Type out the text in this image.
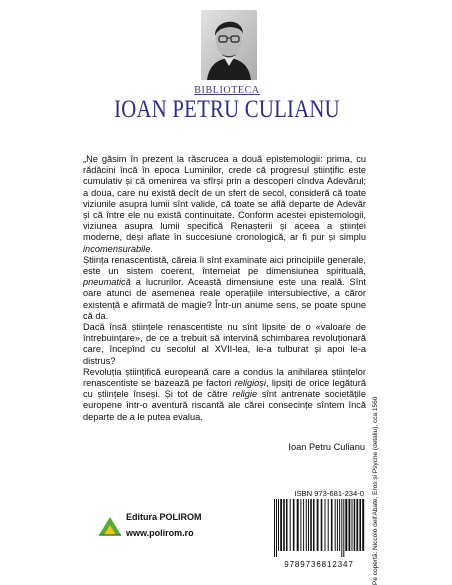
BIBLIOTECA
IOAN PETRU CULIANU

„Ne găsim în prezent la răscrucea a două epistemologii: prima, cu rădăcini încă în epoca Luminilor, crede că progresul științific este cumulativ și că omenirea va sfîrși prin a descoperi cîndva Adevărul; a doua, care nu există decît de un sfert de secol, consideră că toate viziunile asupra lumii sînt valide, că toate se află departe de Adevăr și că între ele nu există continuitate. Conform acestei epistemologii, viziunea asupra lumii specifică Renașterii și aceea a științei moderne, deși aflate în succesiune cronologică, ar fi pur și simplu incomensurabile.

Știința renascentistă, căreia îi sînt examinate aici principiile generale, este un sistem coerent, întemeiat pe dimensiunea spirituală, pneumatică a lucrurilor. Această dimensiune este una reală. Sînt oare atunci de asemenea reale operațiile intersubiective, a căror existență e afirmată de magie? Într-un anume sens, se poate spune că da.

Dacă însă științele renascentiste nu sînt lipsite de o «valoare de întrebuințare», de ce a trebuit să intervină schimbarea revoluționară care, începînd cu secolul al XVII-lea, le-a tulburat și apoi le-a distrus?

Revoluția științifică europeană care a condus la anihilarea științelor renascentiste se bazează pe factori religioși, lipsiți de orice legătură cu științele înseși. Și tot de către religie sînt antrenate societățile europene într-o aventură riscantă ale cărei consecințe sîntem încă departe de a le putea evalua.

Ioan Petru Culianu
Editura POLIROM
www.polirom.ro
ISBN 973-681-234-0
9789736812347	Pe copertă: Niccolò dell'Abate, Eros și Psyche (detaliu), cca 1560
